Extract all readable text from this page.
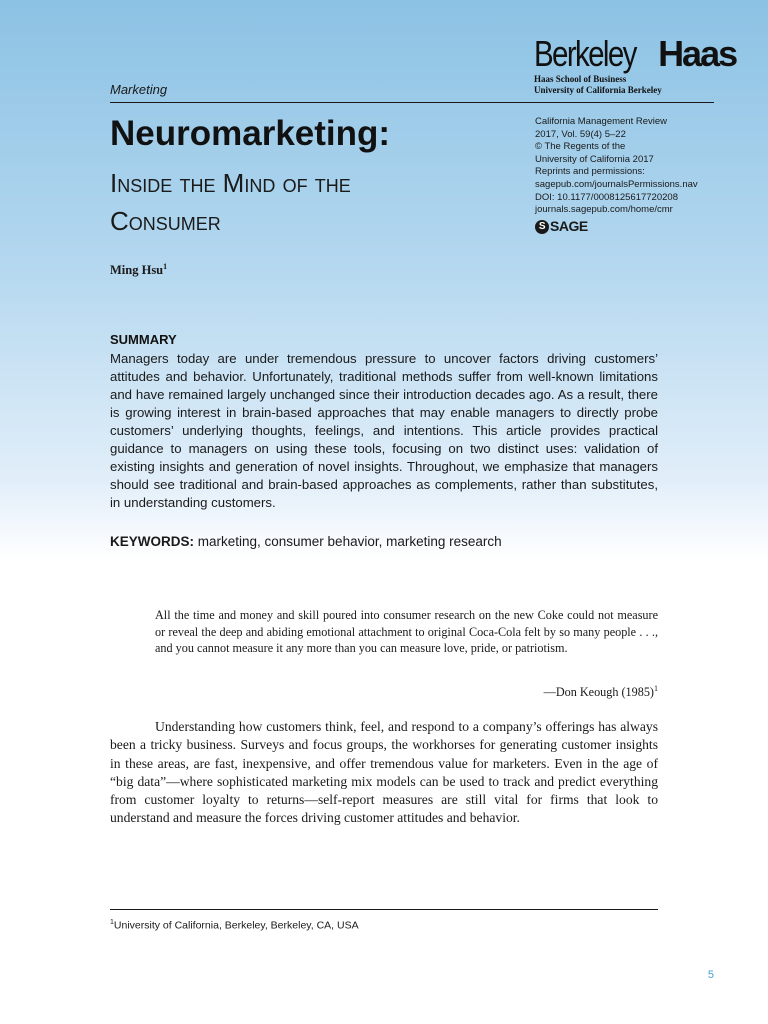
Berkeley Haas
Haas School of Business
University of California Berkeley
Marketing
Neuromarketing:
Inside the Mind of the
Consumer
California Management Review
2017, Vol. 59(4) 5–22
© The Regents of the
University of California 2017
Reprints and permissions:
sagepub.com/journalsPermissions.nav
DOI: 10.1177/0008125617720208
journals.sagepub.com/home/cmr
S SAGE
Ming Hsu$^1$
SUMMARY
Managers today are under tremendous pressure to uncover factors driving customers’ attitudes and behavior. Unfortunately, traditional methods suffer from well-known limitations and have remained largely unchanged since their introduction decades ago. As a result, there is growing interest in brain-based approaches that may enable managers to directly probe customers’ underlying thoughts, feelings, and intentions. This article provides practical guidance to managers on using these tools, focusing on two distinct uses: validation of existing insights and generation of novel insights. Throughout, we emphasize that managers should see traditional and brain-based approaches as complements, rather than substitutes, in understanding customers.
KEYWORDS: marketing, consumer behavior, marketing research
All the time and money and skill poured into consumer research on the new Coke could not measure or reveal the deep and abiding emotional attachment to original Coca-Cola felt by so many people . . ., and you cannot measure it any more than you can measure love, pride, or patriotism.
—Don Keough $(1985)^1$
Understanding how customers think, feel, and respond to a company’s offerings has always been a tricky business. Surveys and focus groups, the workhorses for generating customer insights in these areas, are fast, inexpensive, and offer tremendous value for marketers. Even in the age of “big data”—where sophisticated marketing mix models can be used to track and predict everything from customer loyalty to returns—self-report measures are still vital for firms that look to understand and measure the forces driving customer attitudes and behavior.
$^1$University of California, Berkeley, Berkeley, CA, USA
5
